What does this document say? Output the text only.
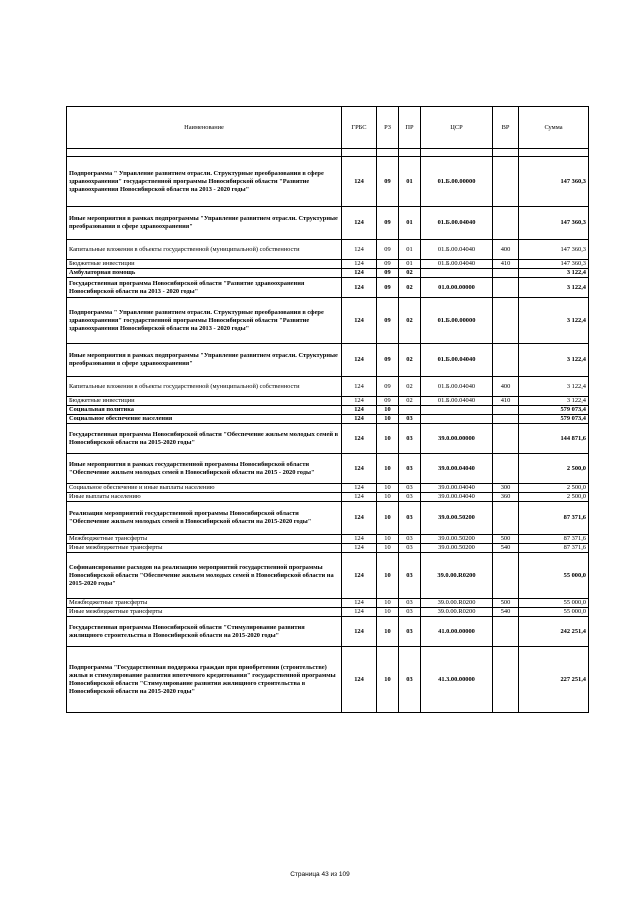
Наименование	ГРБС	РЗ	ПР	ЦСР	ВР	Сумма

Подпрограмма " Управление развитием отрасли. Структурные преобразования в сфере здравоохранения" государственной программы Новосибирской области "Развитие здравоохранения Новосибирской области на 2013 - 2020 годы"	124	09	01	01.Б.00.00000		147 360,3
Иные мероприятия в рамках подпрограммы "Управление развитием отрасли. Структурные преобразования в сфере здравоохранения"	124	09	01	01.Б.00.04040		147 360,3
Капитальные вложения в объекты государственной (муниципальной) собственности	124	09	01	01.Б.00.04040	400	147 360,3
Бюджетные инвестиции	124	09	01	01.Б.00.04040	410	147 360,3
Амбулаторная помощь	124	09	02			3 122,4
Государственная программа Новосибирской области "Развитие здравоохранения Новосибирской области на 2013 - 2020 годы"	124	09	02	01.0.00.00000		3 122,4
Подпрограмма " Управление развитием отрасли. Структурные преобразования в сфере здравоохранения" государственной программы Новосибирской области "Развитие здравоохранения Новосибирской области на 2013 - 2020 годы"	124	09	02	01.Б.00.00000		3 122,4
Иные мероприятия в рамках подпрограммы "Управление развитием отрасли. Структурные преобразования в сфере здравоохранения"	124	09	02	01.Б.00.04040		3 122,4
Капитальные вложения в объекты государственной (муниципальной) собственности	124	09	02	01.Б.00.04040	400	3 122,4
Бюджетные инвестиции	124	09	02	01.Б.00.04040	410	3 122,4
Социальная политика	124	10				579 073,4
Социальное обеспечение населения	124	10	03			579 073,4
Государственная программа Новосибирской области "Обеспечение жильем молодых семей в Новосибирской области на 2015-2020 годы"	124	10	03	39.0.00.00000		144 871,6
Иные мероприятия в рамках государственной программы Новосибирской области "Обеспечение жильем молодых семей в Новосибирской области на 2015 - 2020 годы"	124	10	03	39.0.00.04040		2 500,0
Социальное обеспечение и иные выплаты населению	124	10	03	39.0.00.04040	300	2 500,0
Иные выплаты населению	124	10	03	39.0.00.04040	360	2 500,0
Реализация мероприятий государственной программы Новосибирской области "Обеспечение жильем молодых семей в Новосибирской области на 2015-2020 годы"	124	10	03	39.0.00.50200		87 371,6
Межбюджетные трансферты	124	10	03	39.0.00.50200	500	87 371,6
Иные межбюджетные трансферты	124	10	03	39.0.00.50200	540	87 371,6
Софинансирование расходов на реализацию мероприятий государственной программы Новосибирской области "Обеспечение жильем молодых семей в Новосибирской области на 2015-2020 годы"	124	10	03	39.0.00.R0200		55 000,0
Межбюджетные трансферты	124	10	03	39.0.00.R0200	500	55 000,0
Иные межбюджетные трансферты	124	10	03	39.0.00.R0200	540	55 000,0
Государственная программа Новосибирской области "Стимулирование развития жилищного строительства в Новосибирской области на 2015-2020 годы"	124	10	03	41.0.00.00000		242 251,4
Подпрограмма "Государственная поддержка граждан при приобретении (строительстве) жилья и стимулирование развития ипотечного кредитования" государственной программы Новосибирской области "Стимулирование развития жилищного строительства в Новосибирской области на 2015-2020 годы"	124	10	03	41.3.00.00000		227 251,4
Страница 43 из 109
